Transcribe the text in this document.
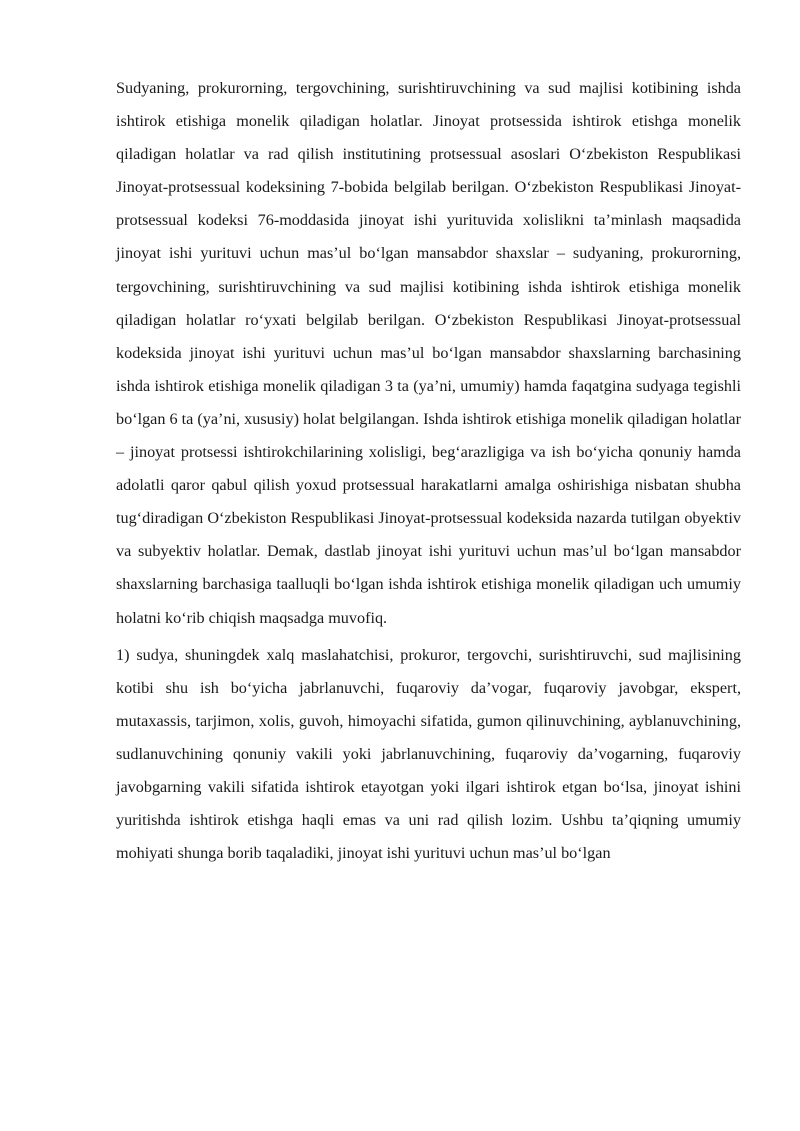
Sudyaning, prokurorning, tergovchining, surishtiruvchining va sud majlisi kotibining ishda ishtirok etishiga monelik qiladigan holatlar. Jinoyat protsessida ishtirok etishga monelik qiladigan holatlar va rad qilish institutining protsessual asoslari O‘zbekiston Respublikasi Jinoyat-protsessual kodeksining 7-bobida belgilab berilgan. O‘zbekiston Respublikasi Jinoyat-protsessual kodeksi 76-moddasida jinoyat ishi yurituvida xolislikni ta’minlash maqsadida jinoyat ishi yurituvi uchun mas’ul bo‘lgan mansabdor shaxslar – sudyaning, prokurorning, tergovchining, surishtiruvchining va sud majlisi kotibining ishda ishtirok etishiga monelik qiladigan holatlar ro‘yxati belgilab berilgan. O‘zbekiston Respublikasi Jinoyat-protsessual kodeksida jinoyat ishi yurituvi uchun mas’ul bo‘lgan mansabdor shaxslarning barchasining ishda ishtirok etishiga monelik qiladigan 3 ta (ya’ni, umumiy) hamda faqatgina sudyaga tegishli bo‘lgan 6 ta (ya’ni, xususiy) holat belgilangan. Ishda ishtirok etishiga monelik qiladigan holatlar – jinoyat protsessi ishtirokchilarining xolisligi, beg‘arazligiga va ish bo‘yicha qonuniy hamda adolatli qaror qabul qilish yoxud protsessual harakatlarni amalga oshirishiga nisbatan shubha tug‘diradigan O‘zbekiston Respublikasi Jinoyat-protsessual kodeksida nazarda tutilgan obyektiv va subyektiv holatlar. Demak, dastlab jinoyat ishi yurituvi uchun mas’ul bo‘lgan mansabdor shaxslarning barchasiga taalluqli bo‘lgan ishda ishtirok etishiga monelik qiladigan uch umumiy holatni ko‘rib chiqish maqsadga muvofiq.

1) sudya, shuningdek xalq maslahatchisi, prokuror, tergovchi, surishtiruvchi, sud majlisining kotibi shu ish bo‘yicha jabrlanuvchi, fuqaroviy da’vogar, fuqaroviy javobgar, ekspert, mutaxassis, tarjimon, xolis, guvoh, himoyachi sifatida, gumon qilinuvchining, ayblanuvchining, sudlanuvchining qonuniy vakili yoki jabrlanuvchining, fuqaroviy da’vogarning, fuqaroviy javobgarning vakili sifatida ishtirok etayotgan yoki ilgari ishtirok etgan bo‘lsa, jinoyat ishini yuritishda ishtirok etishga haqli emas va uni rad qilish lozim. Ushbu ta’qiqning umumiy mohiyati shunga borib taqaladiki, jinoyat ishi yurituvi uchun mas’ul bo‘lgan
